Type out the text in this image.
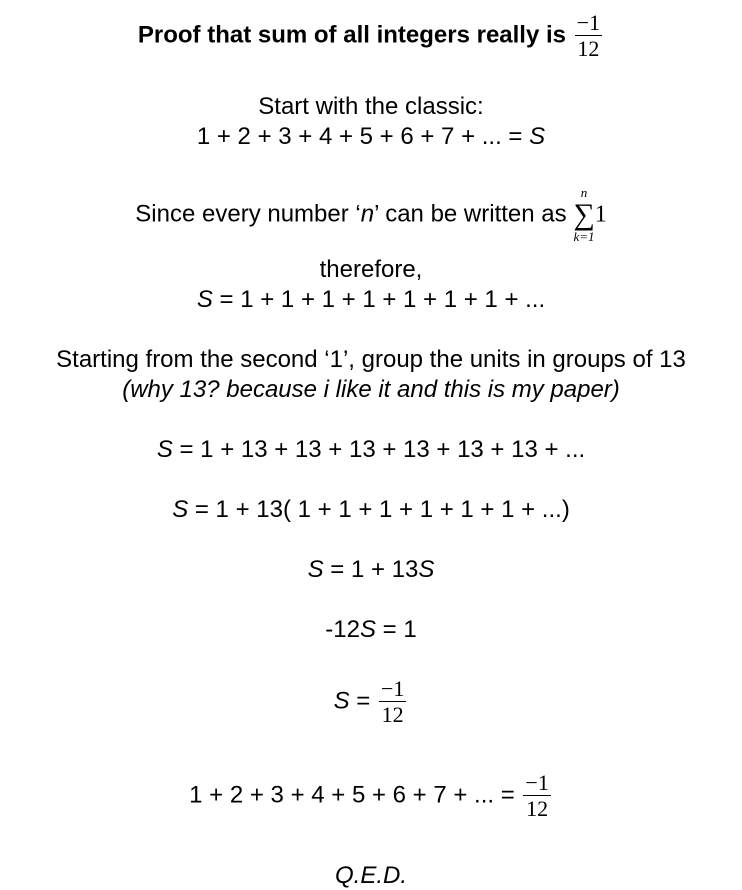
Proof that sum of all integers really is $\frac{-1}{12}$
Start with the classic:
1 + 2 + 3 + 4 + 5 + 6 + 7 + ... = S
Since every number ‘n’ can be written as
n
∑
k=1
1
therefore,
S = 1 + 1 + 1 + 1 + 1 + 1 + 1 + ...
Starting from the second ‘1’, group the units in groups of 13
(why 13? because i like it and this is my paper)
S = 1 + 13 + 13 + 13 + 13 + 13 + 13 + ...
S = 1 + 13( 1 + 1 + 1 + 1 + 1 + 1 + ...)
S = 1 + 13S
-12S = 1
$S = \frac{-1}{12}$
1 + 2 + 3 + 4 + 5 + 6 + 7 + ... = $\frac{-1}{12}$
Q.E.D.
